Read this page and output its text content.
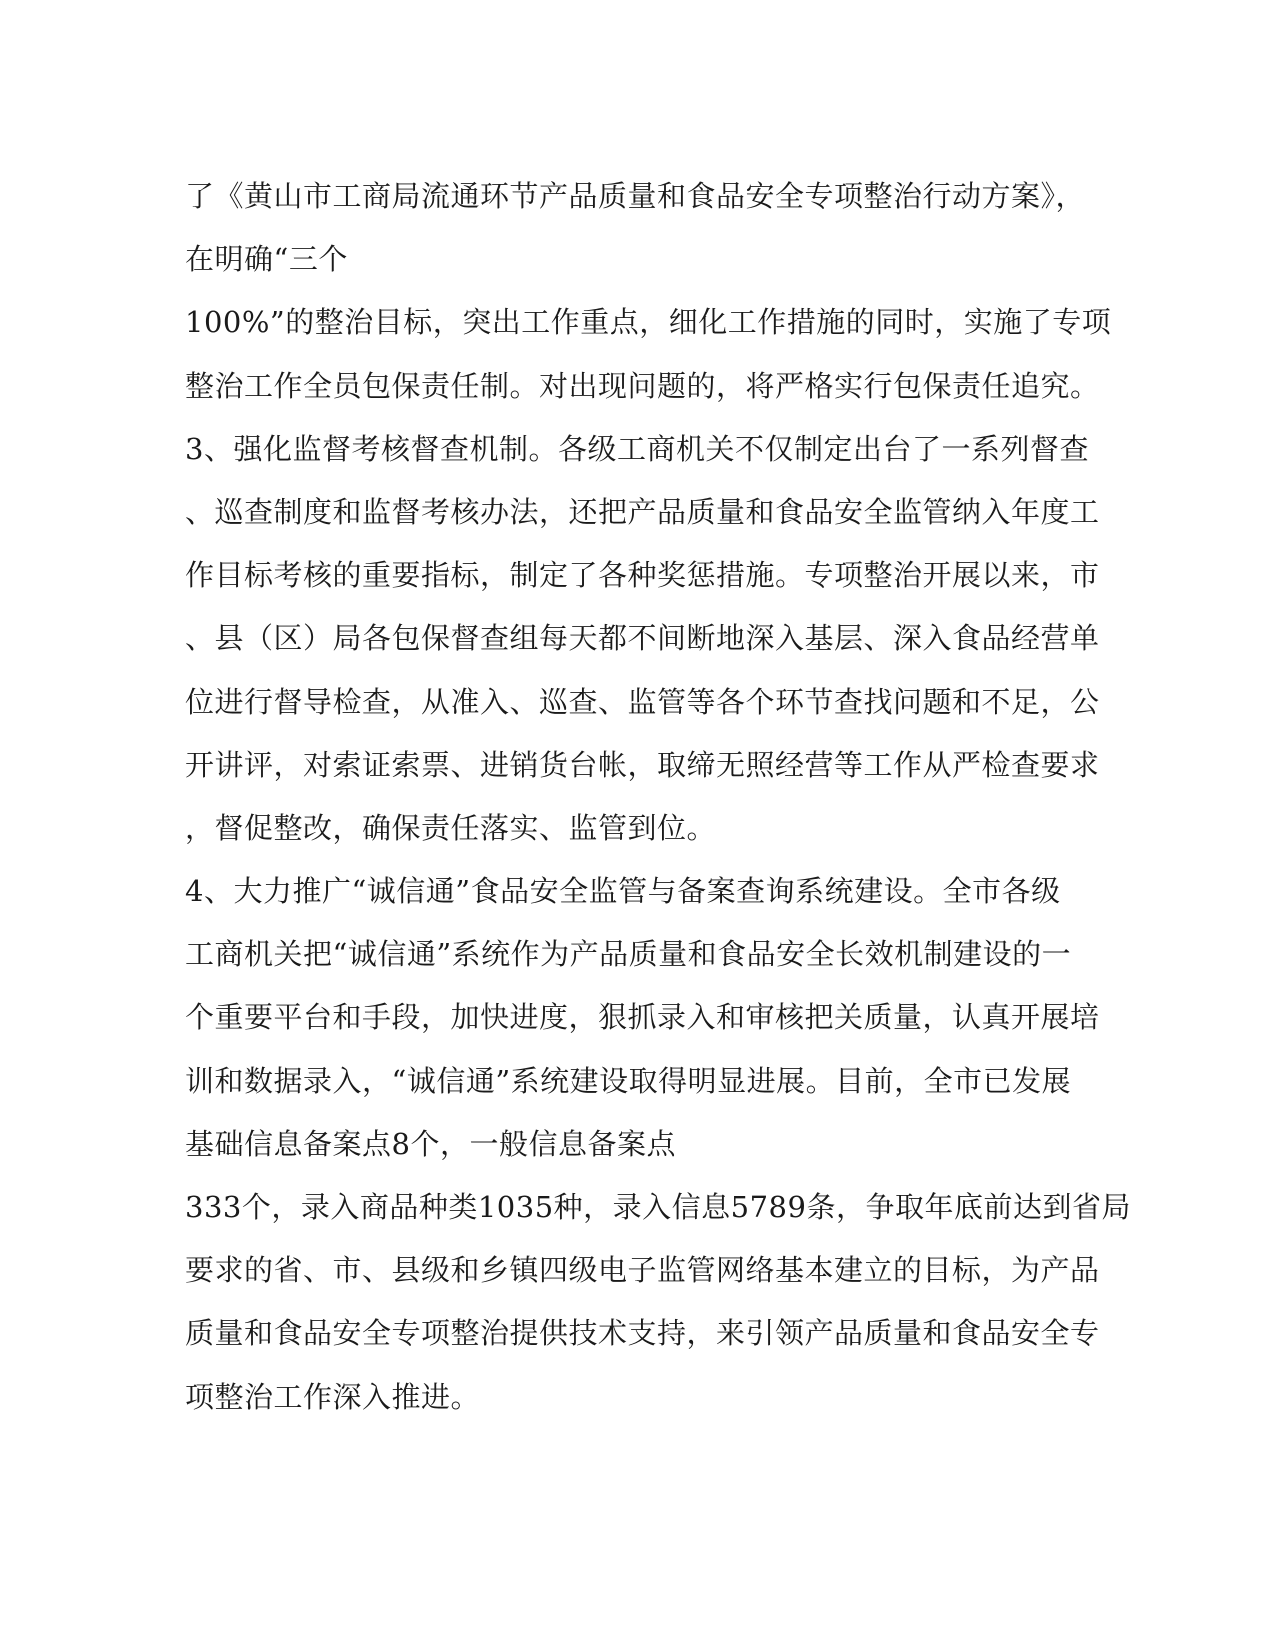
了《黄山市工商局流通环节产品质量和食品安全专项整治行动方案》，
在明确“三个
100%”的整治目标，突出工作重点，细化工作措施的同时，实施了专项
整治工作全员包保责任制。对出现问题的，将严格实行包保责任追究。
3、强化监督考核督查机制。各级工商机关不仅制定出台了一系列督查
、巡查制度和监督考核办法，还把产品质量和食品安全监管纳入年度工
作目标考核的重要指标，制定了各种奖惩措施。专项整治开展以来，市
、县（区）局各包保督查组每天都不间断地深入基层、深入食品经营单
位进行督导检查，从准入、巡查、监管等各个环节查找问题和不足，公
开讲评，对索证索票、进销货台帐，取缔无照经营等工作从严检查要求
，督促整改，确保责任落实、监管到位。
4、大力推广“诚信通”食品安全监管与备案查询系统建设。全市各级
工商机关把“诚信通”系统作为产品质量和食品安全长效机制建设的一
个重要平台和手段，加快进度，狠抓录入和审核把关质量，认真开展培
训和数据录入，“诚信通”系统建设取得明显进展。目前，全市已发展
基础信息备案点8个，一般信息备案点
333个，录入商品种类1035种，录入信息5789条，争取年底前达到省局
要求的省、市、县级和乡镇四级电子监管网络基本建立的目标，为产品
质量和食品安全专项整治提供技术支持，来引领产品质量和食品安全专
项整治工作深入推进。
